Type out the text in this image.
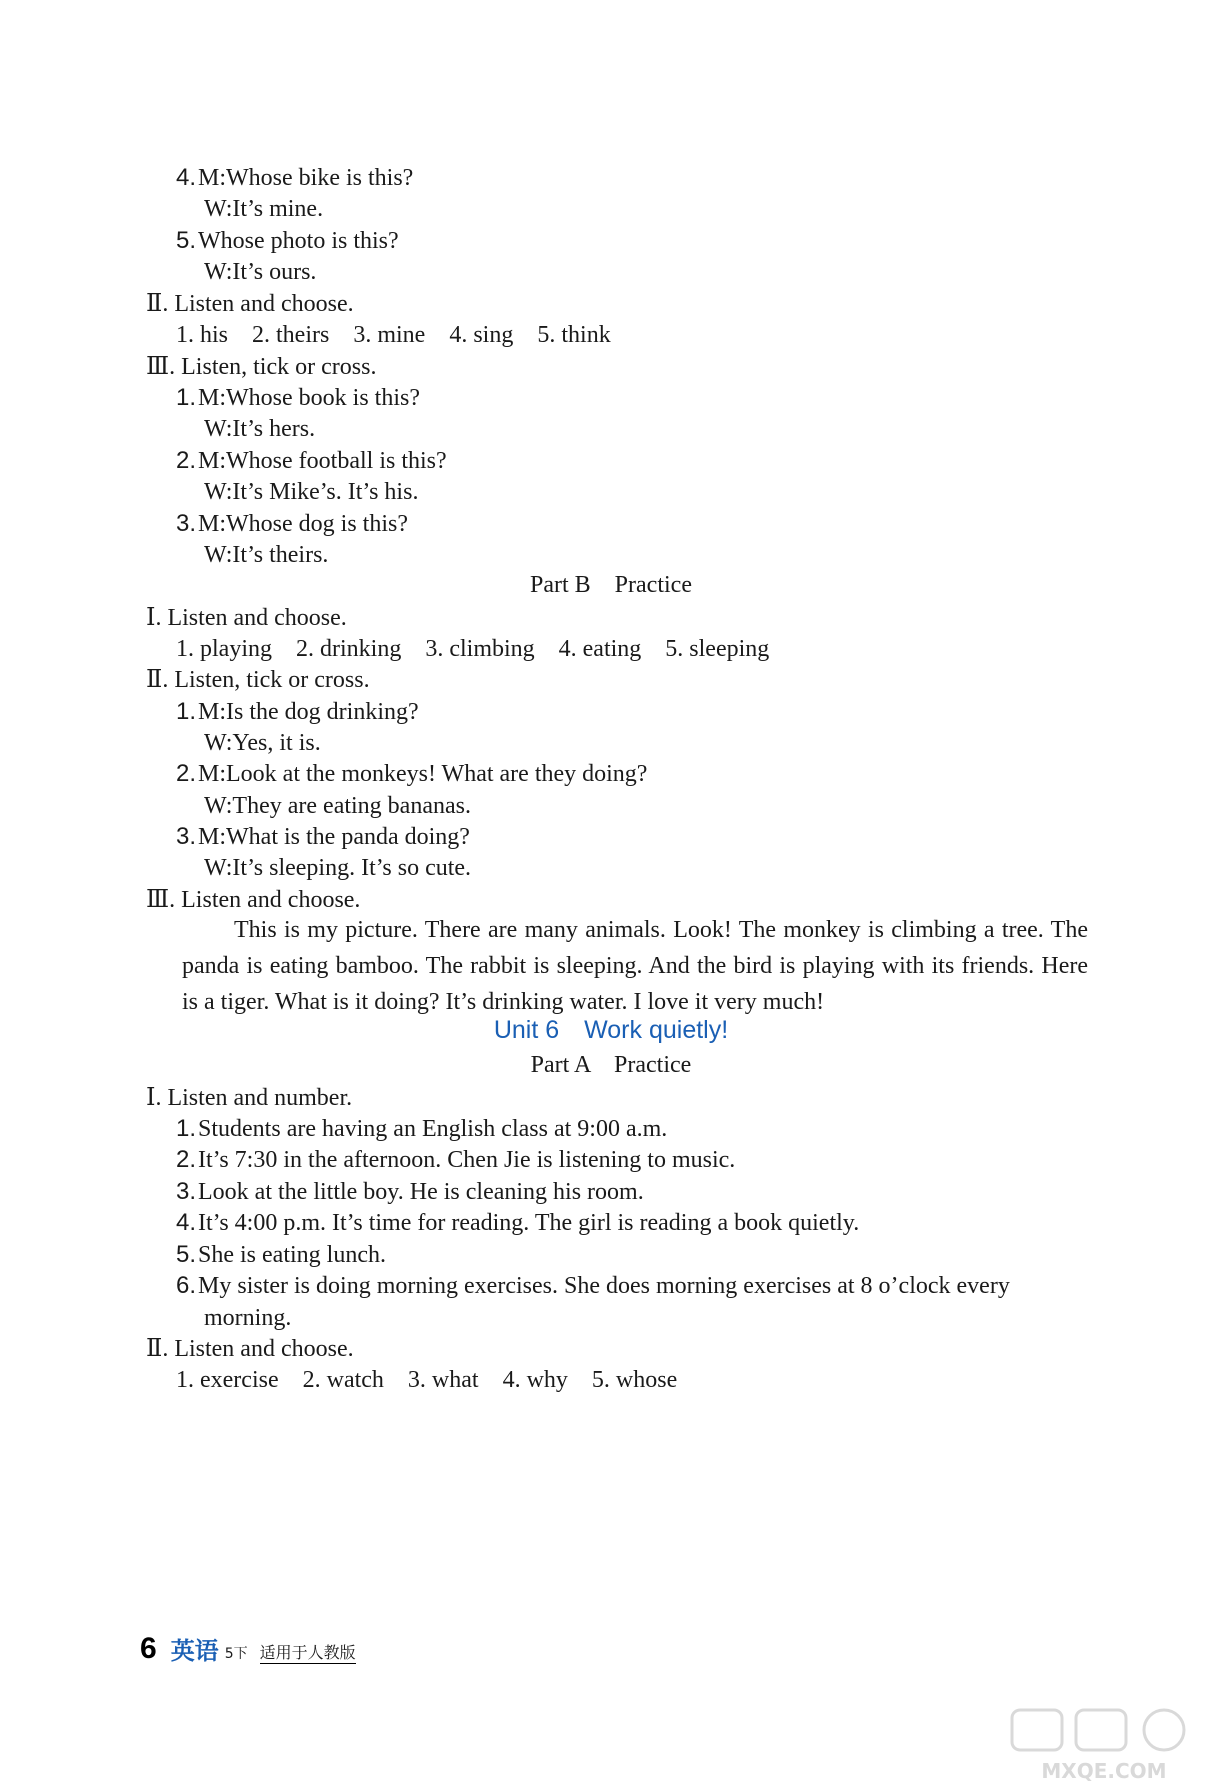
4.M:Whose bike is this?
W:It’s mine.
5.Whose photo is this?
W:It’s ours.
Ⅱ. Listen and choose.
1. his 2. theirs 3. mine 4. sing 5. think
Ⅲ. Listen, tick or cross.
1.M:Whose book is this?
W:It’s hers.
2.M:Whose football is this?
W:It’s Mike’s. It’s his.
3.M:Whose dog is this?
W:It’s theirs.
Part B　Practice
Ⅰ. Listen and choose.
1. playing 2. drinking 3. climbing 4. eating 5. sleeping
Ⅱ. Listen, tick or cross.
1.M:Is the dog drinking?
W:Yes, it is.
2.M:Look at the monkeys! What are they doing?
W:They are eating bananas.
3.M:What is the panda doing?
W:It’s sleeping. It’s so cute.
Ⅲ. Listen and choose.
This is my picture. There are many animals. Look! The monkey is climbing a tree. The panda is eating bamboo. The rabbit is sleeping. And the bird is playing with its friends. Here is a tiger. What is it doing? It’s drinking water. I love it very much!
Unit 6　Work quietly!
Part A　Practice
Ⅰ. Listen and number.
1.Students are having an English class at 9:00 a.m.
2.It’s 7:30 in the afternoon. Chen Jie is listening to music.
3.Look at the little boy. He is cleaning his room.
4.It’s 4:00 p.m. It’s time for reading. The girl is reading a book quietly.
5.She is eating lunch.
6.My sister is doing morning exercises. She does morning exercises at 8 o’clock every
morning.
Ⅱ. Listen and choose.
1. exercise 2. watch 3. what 4. why 5. whose
6 英语 5下 适用于人教版
MXQE.COM
